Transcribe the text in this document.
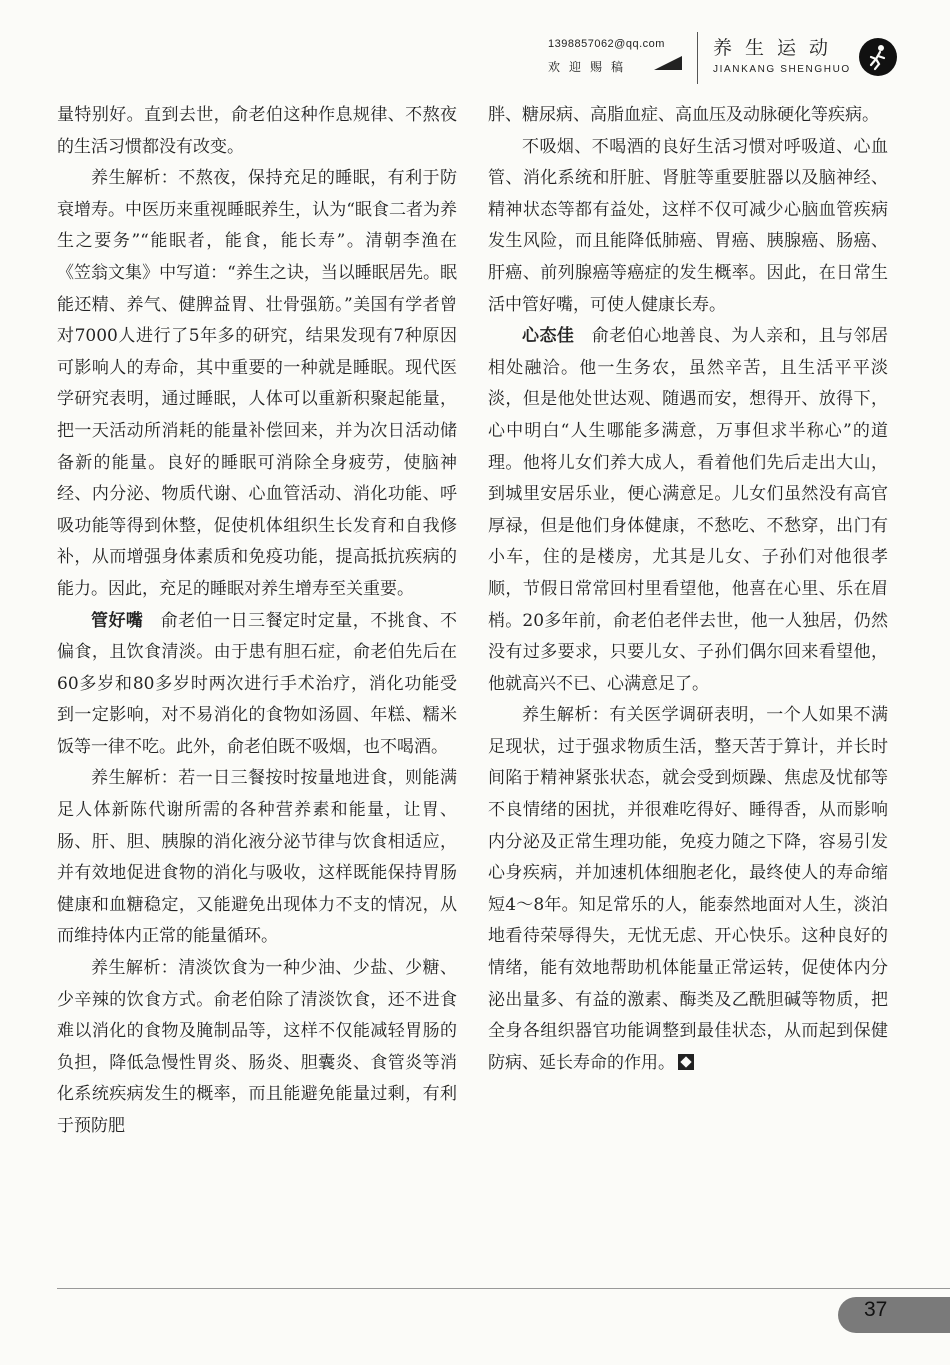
1398857062@qq.com
欢迎赐稿
养生运动
JIANKANG SHENGHUO

量特别好。直到去世，俞老伯这种作息规律、不熬夜的生活习惯都没有改变。

养生解析：不熬夜，保持充足的睡眠，有利于防衰增寿。中医历来重视睡眠养生，认为“眠食二者为养生之要务”“能眠者，能食，能长寿”。清朝李渔在《笠翁文集》中写道：“养生之诀，当以睡眠居先。眠能还精、养气、健脾益胃、壮骨强筋。”美国有学者曾对7000人进行了5年多的研究，结果发现有7种原因可影响人的寿命，其中重要的一种就是睡眠。现代医学研究表明，通过睡眠，人体可以重新积聚起能量，把一天活动所消耗的能量补偿回来，并为次日活动储备新的能量。良好的睡眠可消除全身疲劳，使脑神经、内分泌、物质代谢、心血管活动、消化功能、呼吸功能等得到休整，促使机体组织生长发育和自我修补，从而增强身体素质和免疫功能，提高抵抗疾病的能力。因此，充足的睡眠对养生增寿至关重要。

管好嘴　俞老伯一日三餐定时定量，不挑食、不偏食，且饮食清淡。由于患有胆石症，俞老伯先后在60多岁和80多岁时两次进行手术治疗，消化功能受到一定影响，对不易消化的食物如汤圆、年糕、糯米饭等一律不吃。此外，俞老伯既不吸烟，也不喝酒。

养生解析：若一日三餐按时按量地进食，则能满足人体新陈代谢所需的各种营养素和能量，让胃、肠、肝、胆、胰腺的消化液分泌节律与饮食相适应，并有效地促进食物的消化与吸收，这样既能保持胃肠健康和血糖稳定，又能避免出现体力不支的情况，从而维持体内正常的能量循环。

养生解析：清淡饮食为一种少油、少盐、少糖、少辛辣的饮食方式。俞老伯除了清淡饮食，还不进食难以消化的食物及腌制品等，这样不仅能减轻胃肠的负担，降低急慢性胃炎、肠炎、胆囊炎、食管炎等消化系统疾病发生的概率，而且能避免能量过剩，有利于预防肥

胖、糖尿病、高脂血症、高血压及动脉硬化等疾病。

不吸烟、不喝酒的良好生活习惯对呼吸道、心血管、消化系统和肝脏、肾脏等重要脏器以及脑神经、精神状态等都有益处，这样不仅可减少心脑血管疾病发生风险，而且能降低肺癌、胃癌、胰腺癌、肠癌、肝癌、前列腺癌等癌症的发生概率。因此，在日常生活中管好嘴，可使人健康长寿。

心态佳　俞老伯心地善良、为人亲和，且与邻居相处融洽。他一生务农，虽然辛苦，且生活平平淡淡，但是他处世达观、随遇而安，想得开、放得下，心中明白“人生哪能多满意，万事但求半称心”的道理。他将儿女们养大成人，看着他们先后走出大山，到城里安居乐业，便心满意足。儿女们虽然没有高官厚禄，但是他们身体健康，不愁吃、不愁穿，出门有小车，住的是楼房，尤其是儿女、子孙们对他很孝顺，节假日常常回村里看望他，他喜在心里、乐在眉梢。20多年前，俞老伯老伴去世，他一人独居，仍然没有过多要求，只要儿女、子孙们偶尔回来看望他，他就高兴不已、心满意足了。

养生解析：有关医学调研表明，一个人如果不满足现状，过于强求物质生活，整天苦于算计，并长时间陷于精神紧张状态，就会受到烦躁、焦虑及忧郁等不良情绪的困扰，并很难吃得好、睡得香，从而影响内分泌及正常生理功能，免疫力随之下降，容易引发心身疾病，并加速机体细胞老化，最终使人的寿命缩短4～8年。知足常乐的人，能泰然地面对人生，淡泊地看待荣辱得失，无忧无虑、开心快乐。这种良好的情绪，能有效地帮助机体能量正常运转，促使体内分泌出量多、有益的激素、酶类及乙酰胆碱等物质，把全身各组织器官功能调整到最佳状态，从而起到保健防病、延长寿命的作用。

37
